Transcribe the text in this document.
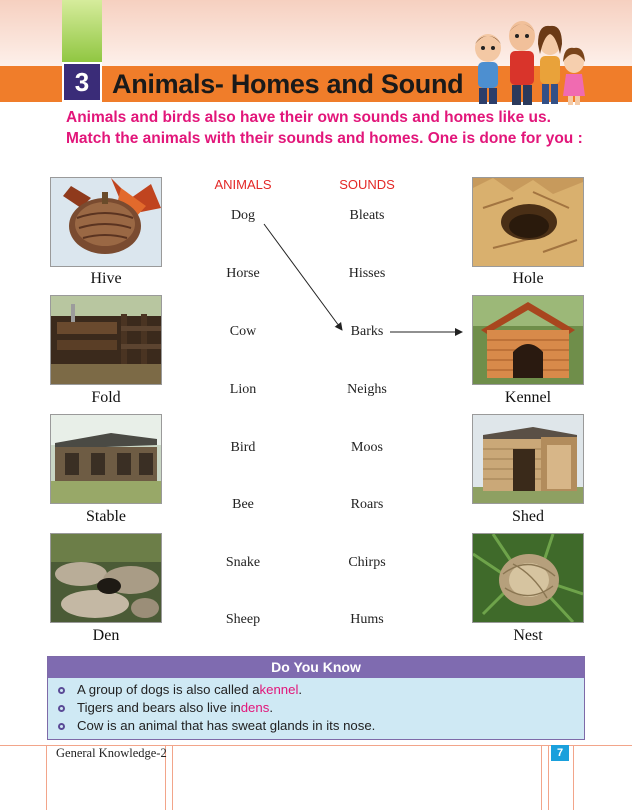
3 Animals- Homes and Sound
Animals and birds also have their own sounds and homes like us. Match the animals with their sounds and homes. One is done for you :
Hive
Fold
Stable
Den
Hole
Kennel
Shed
Nest
ANIMALS	SOUNDS
Dog
Horse
Cow
Lion
Bird
Bee
Snake
Sheep
Bleats
Hisses
Barks
Neighs
Moos
Roars
Chirps
Hums
Do You Know
A group of dogs is also called a kennel .
Tigers and bears also live in dens .
Cow is an animal that has sweat glands in its nose.
General Knowledge-2	7
